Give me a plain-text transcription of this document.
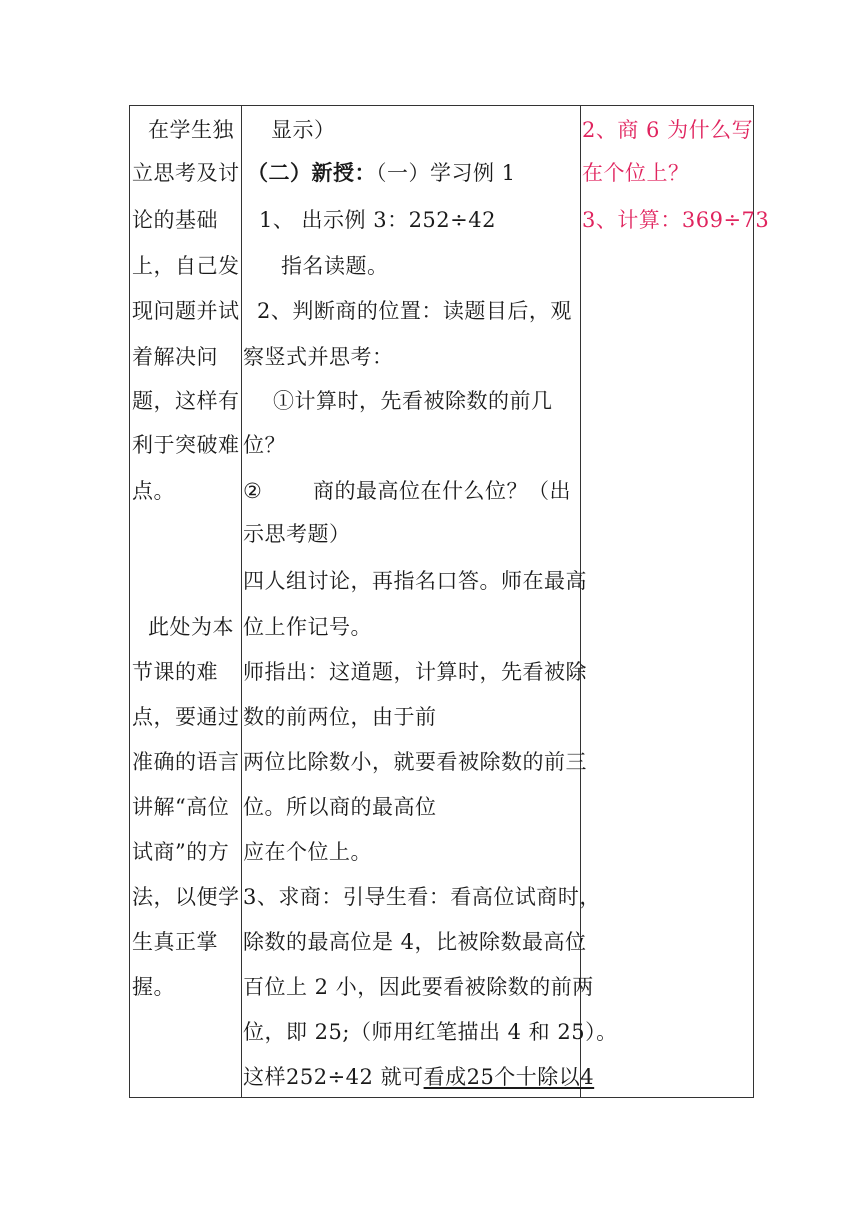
在学生独
立思考及讨
论的基础
上，自己发
现问题并试
着解决问
题，这样有
利于突破难
点。
此处为本
节课的难
点，要通过
准确的语言
讲解“高位
试商”的方
法，以便学
生真正掌
握。
显示）
（二）新授：（一）学习例 1
1、 出示例 3：252÷42
指名读题。
2、判断商的位置：读题目后，观
察竖式并思考：
①计算时，先看被除数的前几
位？
② 商的最高位在什么位？（出
示思考题）
四人组讨论，再指名口答。师在最高
位上作记号。
师指出：这道题，计算时，先看被除
数的前两位，由于前
两位比除数小，就要看被除数的前三
位。所以商的最高位
应在个位上。
3、求商：引导生看：看高位试商时，
除数的最高位是 4，比被除数最高位
百位上 2 小，因此要看被除数的前两
位，即 25;（师用红笔描出 4 和 25）。
这样252÷42 就可看成25个十除以4
2、商 6 为什么写
在个位上？
3、计算：369÷73
